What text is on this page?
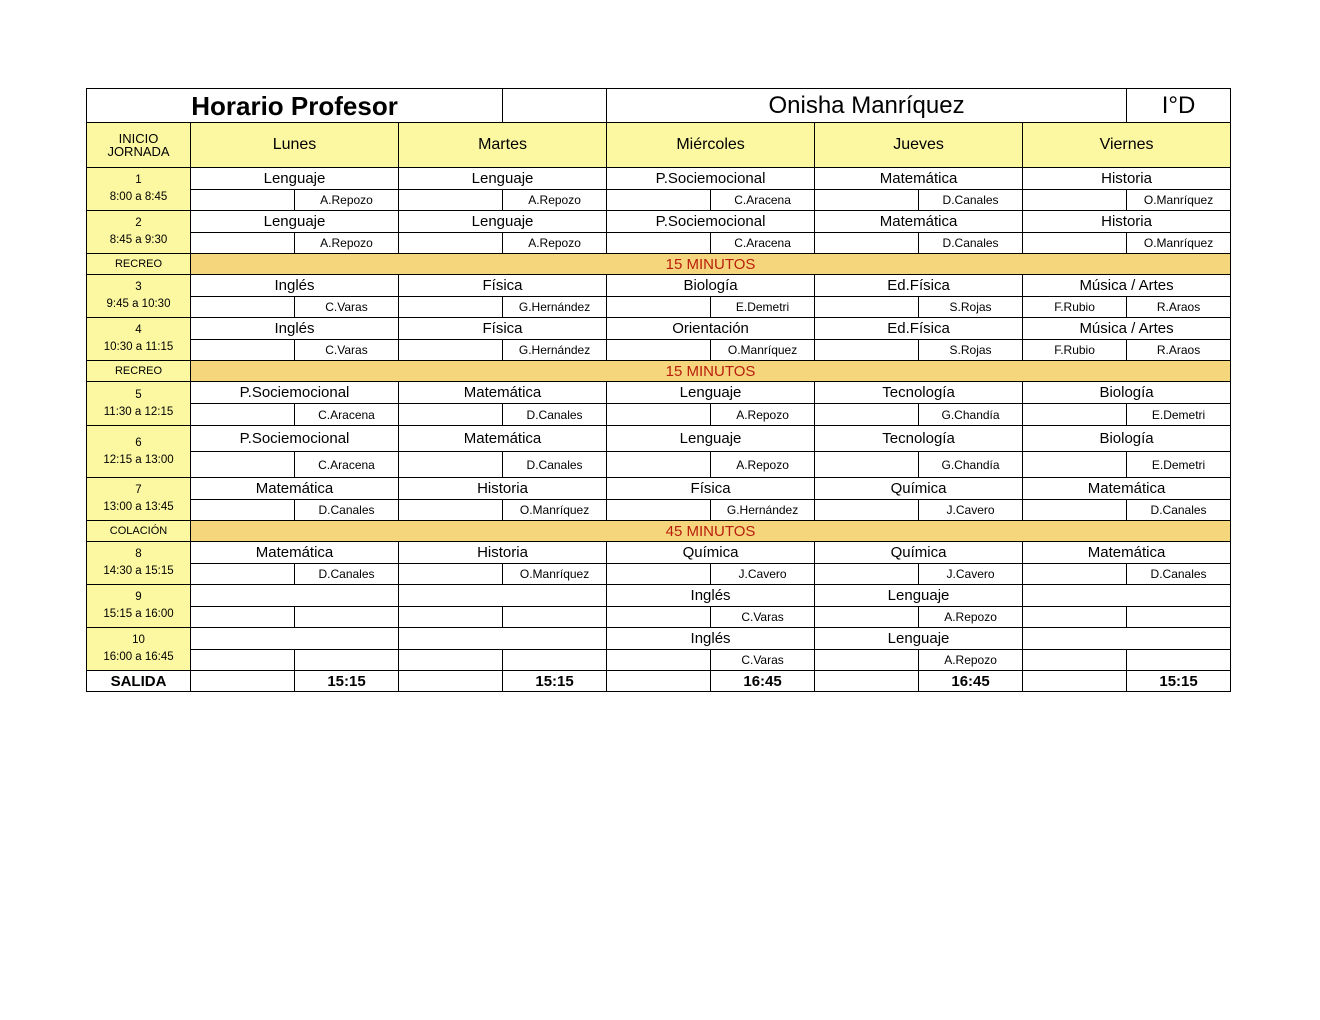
Horario Profesor					Onisha Manríquez					I°D

INICIO
JORNADA	Lunes		Martes		Miércoles		Jueves		Viernes	

1
8:00 a 8:45	Lenguaje		Lenguaje		P.Sociemocional		Matemática		Historia	
		A.Repozo		A.Repozo		C.Aracena		D.Canales		O.Manríquez

2
8:45 a 9:30	Lenguaje		Lenguaje		P.Sociemocional		Matemática		Historia	
		A.Repozo		A.Repozo		C.Aracena		D.Canales		O.Manríquez
RECREO	15 MINUTOS									

3
9:45 a 10:30	Inglés		Física		Biología		Ed.Física		Música / Artes	
		C.Varas		G.Hernández		E.Demetri		S.Rojas	F.Rubio	R.Araos

4
10:30 a 11:15	Inglés		Física		Orientación		Ed.Física		Música / Artes	
		C.Varas		G.Hernández		O.Manríquez		S.Rojas	F.Rubio	R.Araos
RECREO	15 MINUTOS									

5
11:30 a 12:15	P.Sociemocional		Matemática		Lenguaje		Tecnología		Biología	
		C.Aracena		D.Canales		A.Repozo		G.Chandía		E.Demetri

6
12:15 a 13:00	P.Sociemocional		Matemática		Lenguaje		Tecnología		Biología	
		C.Aracena		D.Canales		A.Repozo		G.Chandía		E.Demetri

7
13:00 a 13:45	Matemática		Historia		Física		Química		Matemática	
		D.Canales		O.Manríquez		G.Hernández		J.Cavero		D.Canales
COLACIÓN	45 MINUTOS									

8
14:30 a 15:15	Matemática		Historia		Química		Química		Matemática	
		D.Canales		O.Manríquez		J.Cavero		J.Cavero		D.Canales

9
15:15 a 16:00					Inglés		Lenguaje			
						C.Varas		A.Repozo		

10
16:00 a 16:45					Inglés		Lenguaje			
						C.Varas		A.Repozo		
SALIDA		15:15		15:15		16:45		16:45		15:15
